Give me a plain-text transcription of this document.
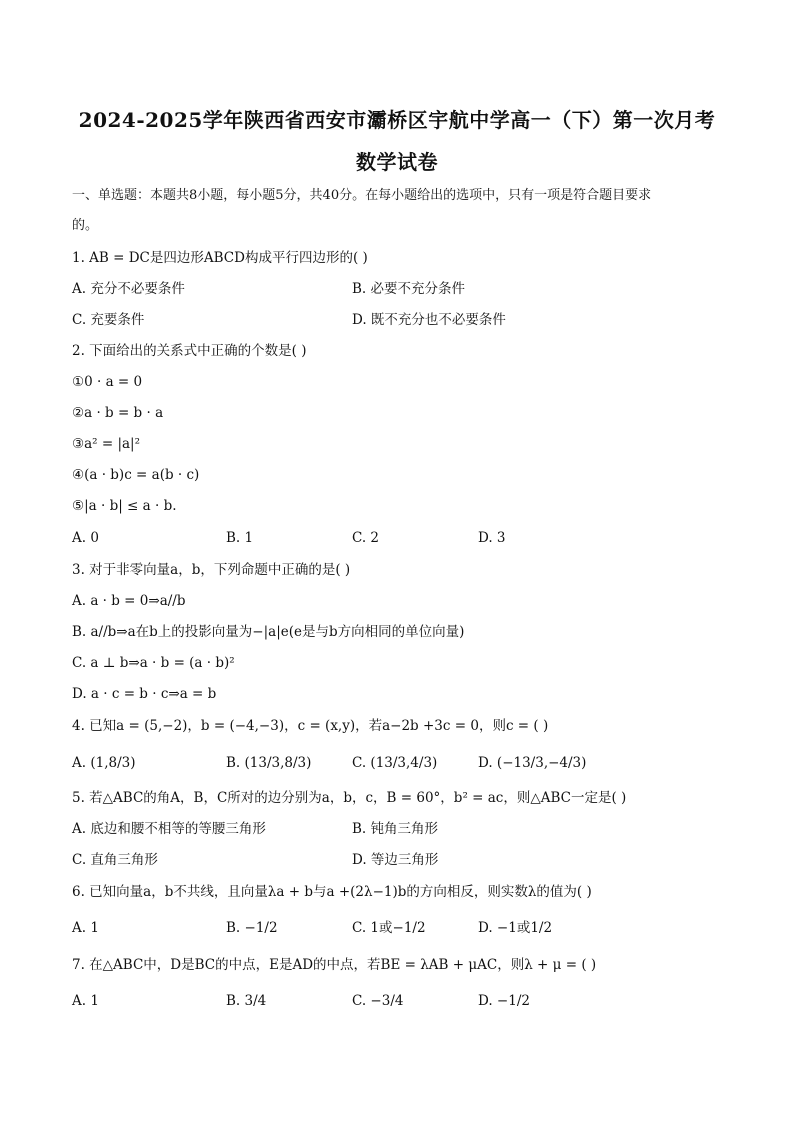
2024-2025学年陕西省西安市灞桥区宇航中学高一（下）第一次月考
数学试卷
一、单选题：本题共8小题，每小题5分，共40分。在每小题给出的选项中，只有一项是符合题目要求
的。
1. AB = DC是四边形ABCD构成平行四边形的( )
A. 充分不必要条件	B. 必要不充分条件
C. 充要条件	D. 既不充分也不必要条件
2. 下面给出的关系式中正确的个数是( )
①0 · a = 0
②a · b = b · a
③a² = |a|²
④(a · b)c = a(b · c)
⑤|a · b| ≤ a · b.
A. 0	B. 1	C. 2	D. 3
3. 对于非零向量a，b，下列命题中正确的是( )
A. a · b = 0⇒a//b
B. a//b⇒a在b上的投影向量为−|a|e(e是与b方向相同的单位向量)
C. a ⊥ b⇒a · b = (a · b)²
D. a · c = b · c⇒a = b
4. 已知a = (5,−2)，b = (−4,−3)，c = (x,y)，若a−2b +3c = 0，则c = ( )
A. (1,8/3)	B. (13/3,8/3)	C. (13/3,4/3)	D. (−13/3,−4/3)
5. 若△ABC的角A，B，C所对的边分别为a，b，c，B = 60°，b² = ac，则△ABC一定是( )
A. 底边和腰不相等的等腰三角形	B. 钝角三角形
C. 直角三角形	D. 等边三角形
6. 已知向量a，b不共线，且向量λa + b与a +(2λ−1)b的方向相反，则实数λ的值为( )
A. 1	B. −1/2	C. 1或−1/2	D. −1或1/2
7. 在△ABC中，D是BC的中点，E是AD的中点，若BE = λAB + μAC，则λ + μ = ( )
A. 1	B. 3/4	C. −3/4	D. −1/2
